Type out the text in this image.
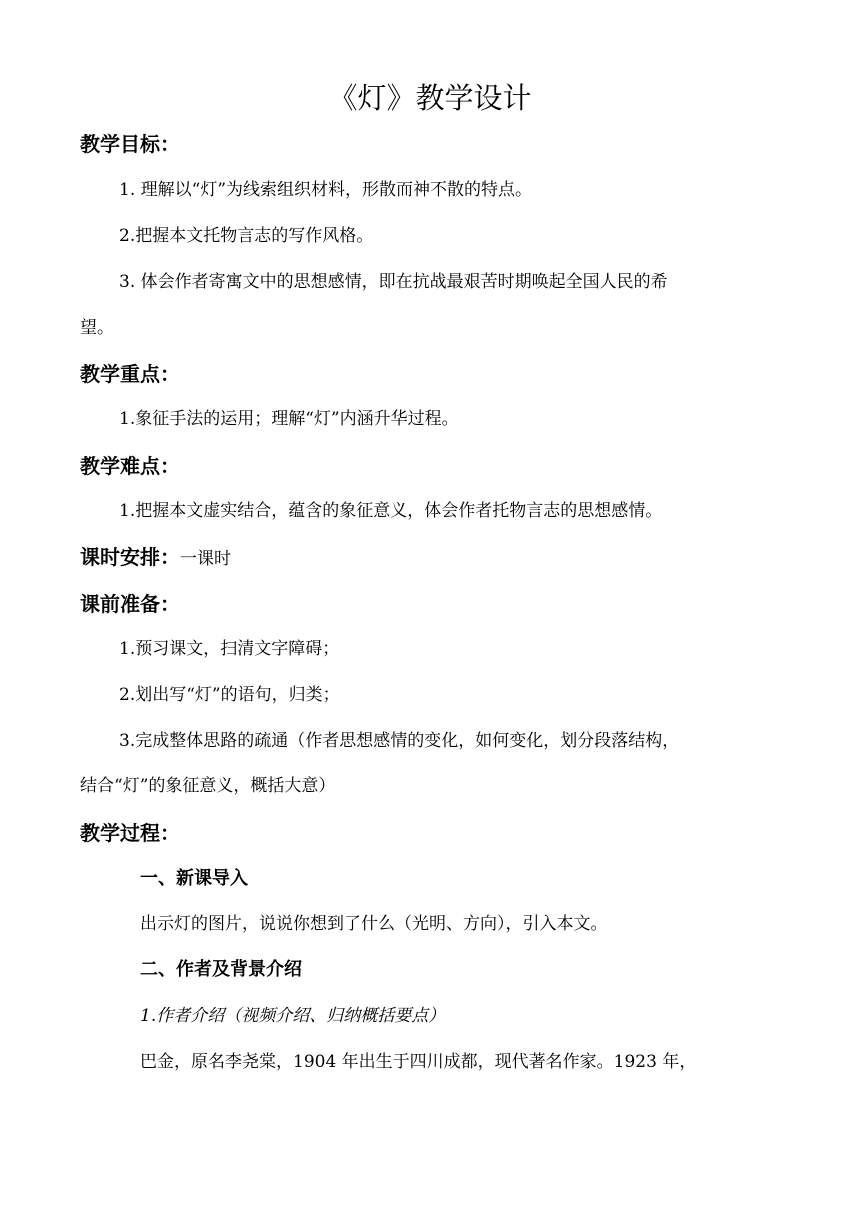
《灯》教学设计
教学目标：
1. 理解以“灯”为线索组织材料，形散而神不散的特点。
2.把握本文托物言志的写作风格。
3. 体会作者寄寓文中的思想感情，即在抗战最艰苦时期唤起全国人民的希
望。
教学重点：
1.象征手法的运用；理解“灯”内涵升华过程。
教学难点：
1.把握本文虚实结合，蕴含的象征意义，体会作者托物言志的思想感情。
课时安排：一课时
课前准备：
1.预习课文，扫清文字障碍；
2.划出写“灯”的语句，归类；
3.完成整体思路的疏通（作者思想感情的变化，如何变化，划分段落结构，
结合“灯”的象征意义，概括大意）
教学过程：
一、新课导入
出示灯的图片，说说你想到了什么（光明、方向），引入本文。
二、作者及背景介绍
1.作者介绍（视频介绍、归纳概括要点）
巴金，原名李尧棠，1904 年出生于四川成都，现代著名作家。1923 年，
